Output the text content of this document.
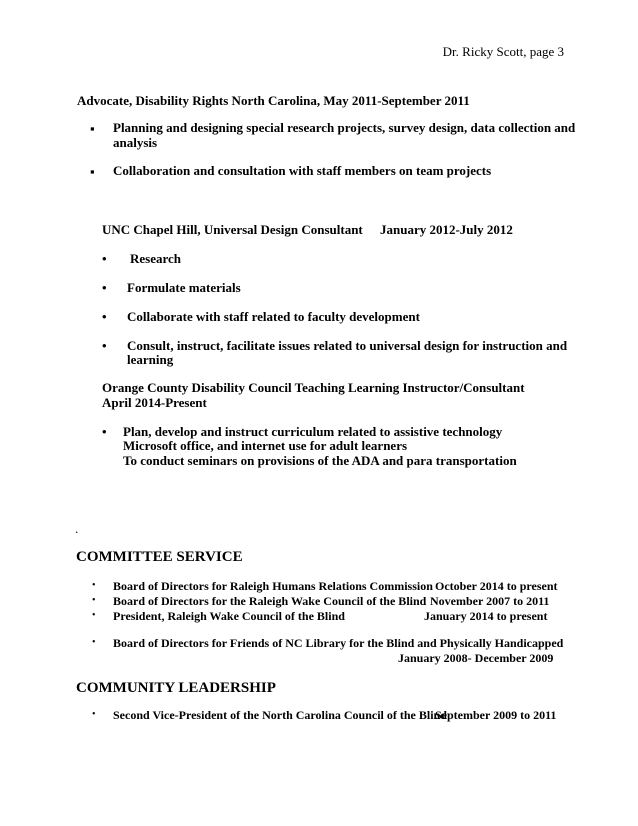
Dr. Ricky Scott, page 3
Advocate, Disability Rights North Carolina, May 2011-September 2011
▪ Planning and designing special research projects, survey design, data collection and
analysis
▪ Collaboration and consultation with staff members on team projects
UNC Chapel Hill, Universal Design Consultant January 2012-July 2012
• Research
• Formulate materials
• Collaborate with staff related to faculty development
• Consult, instruct, facilitate issues related to universal design for instruction and
learning
Orange County Disability Council Teaching Learning Instructor/Consultant
April 2014-Present
• Plan, develop and instruct curriculum related to assistive technology
Microsoft office, and internet use for adult learners
To conduct seminars on provisions of the ADA and para transportation
.
COMMITTEE SERVICE
• Board of Directors for Raleigh Humans Relations Commission October 2014 to present
• Board of Directors for the Raleigh Wake Council of the Blind November 2007 to 2011
• President, Raleigh Wake Council of the Blind	January 2014 to present
• Board of Directors for Friends of NC Library for the Blind and Physically Handicapped
January 2008- December 2009
COMMUNITY LEADERSHIP
• Second Vice-President of the North Carolina Council of the Blind
September 2009 to 2011
